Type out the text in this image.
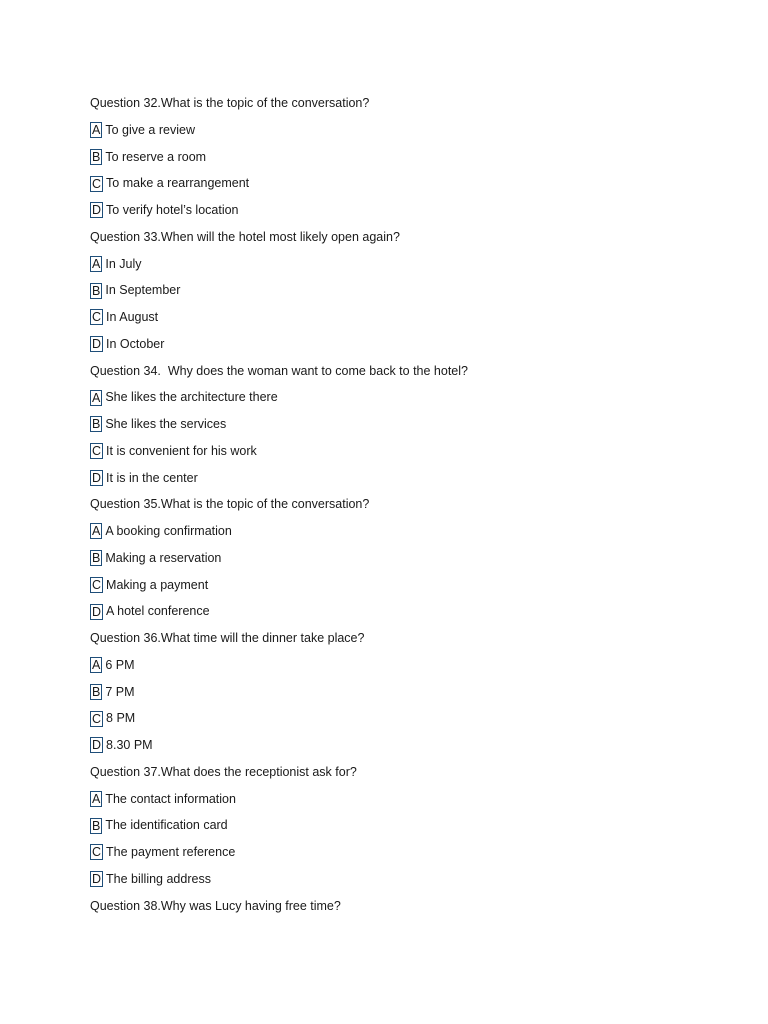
Question 32.What is the topic of the conversation?
A To give a review
B To reserve a room
C To make a rearrangement
D To verify hotel’s location
Question 33.When will the hotel most likely open again?
A In July
B In September
C In August
D In October
Question 34.  Why does the woman want to come back to the hotel?
A She likes the architecture there
B She likes the services
C It is convenient for his work
D It is in the center
Question 35.What is the topic of the conversation?
A A booking confirmation
B Making a reservation
C Making a payment
D A hotel conference
Question 36.What time will the dinner take place?
A 6 PM
B 7 PM
C 8 PM
D 8.30 PM
Question 37.What does the receptionist ask for?
A The contact information
B The identification card
C The payment reference
D The billing address
Question 38.Why was Lucy having free time?
